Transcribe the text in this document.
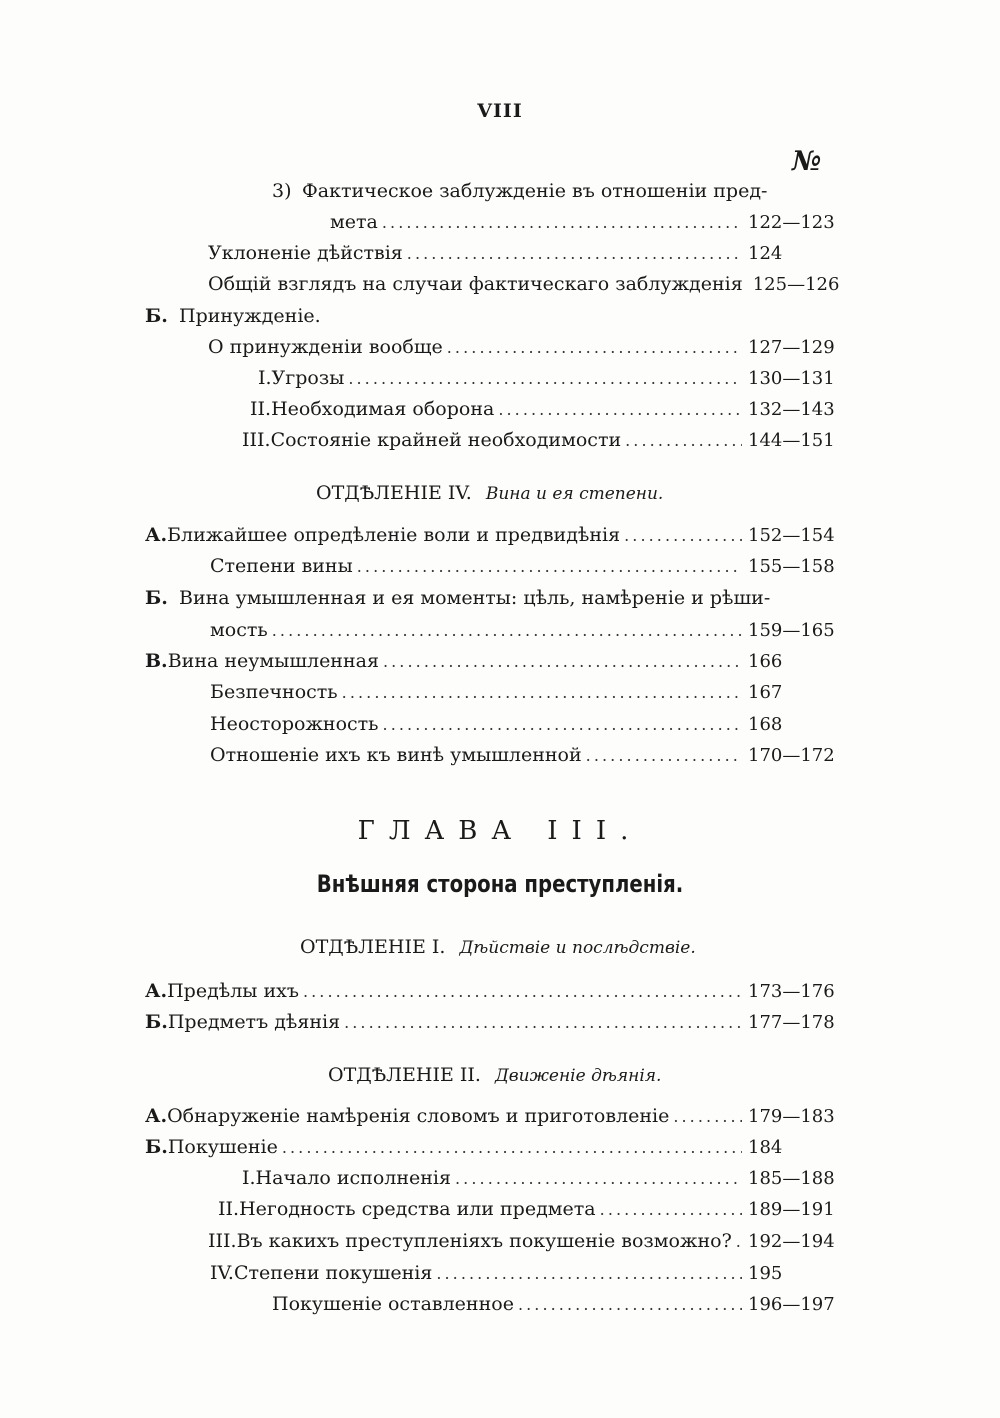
VIII
№
3) Фактическое заблужденіе въ отношеніи пред-
мета . . .	122—123
Уклоненіе дѣйствія . . .	124
Общій взглядъ на случаи фактическаго заблужденія 125—126
Б. Принужденіе.
О принужденіи вообще . . .	127—129
I. Угрозы . . .	130—131
II. Необходимая оборона . . .	132—143
III. Состояніе крайней необходимости . . .	144—151
ОТДѢЛЕНІЕ IV. Вина и ея степени.
А. Ближайшее опредѣленіе воли и предвидѣнія . . .	152—154
Степени вины . . .	155—158
Б. Вина умышленная и ея моменты: цѣль, намѣреніе и рѣши-
мость . . .	159—165
В. Вина неумышленная . . .	166
Безпечность . . .	167
Неосторожность . . .	168
Отношеніе ихъ къ винѣ умышленной . . .	170—172
ГЛАВА III.
Внѣшняя сторона преступленія.
ОТДѢЛЕНІЕ I. Дѣйствіе и послѣдствіе.
А. Предѣлы ихъ . . .	173—176
Б. Предметъ дѣянія . . .	177—178
ОТДѢЛЕНІЕ II. Движеніе дѣянія.
А. Обнаруженіе намѣренія словомъ и приготовленіе . . .	179—183
Б. Покушеніе . . .	184
I. Начало исполненія . . .	185—188
II. Негодность средства или предмета . . .	189—191
III. Въ какихъ преступленіяхъ покушеніе возможно? . . . 192—194
IV. Степени покушенія . . .	195
Покушеніе оставленное . . .	196—197
